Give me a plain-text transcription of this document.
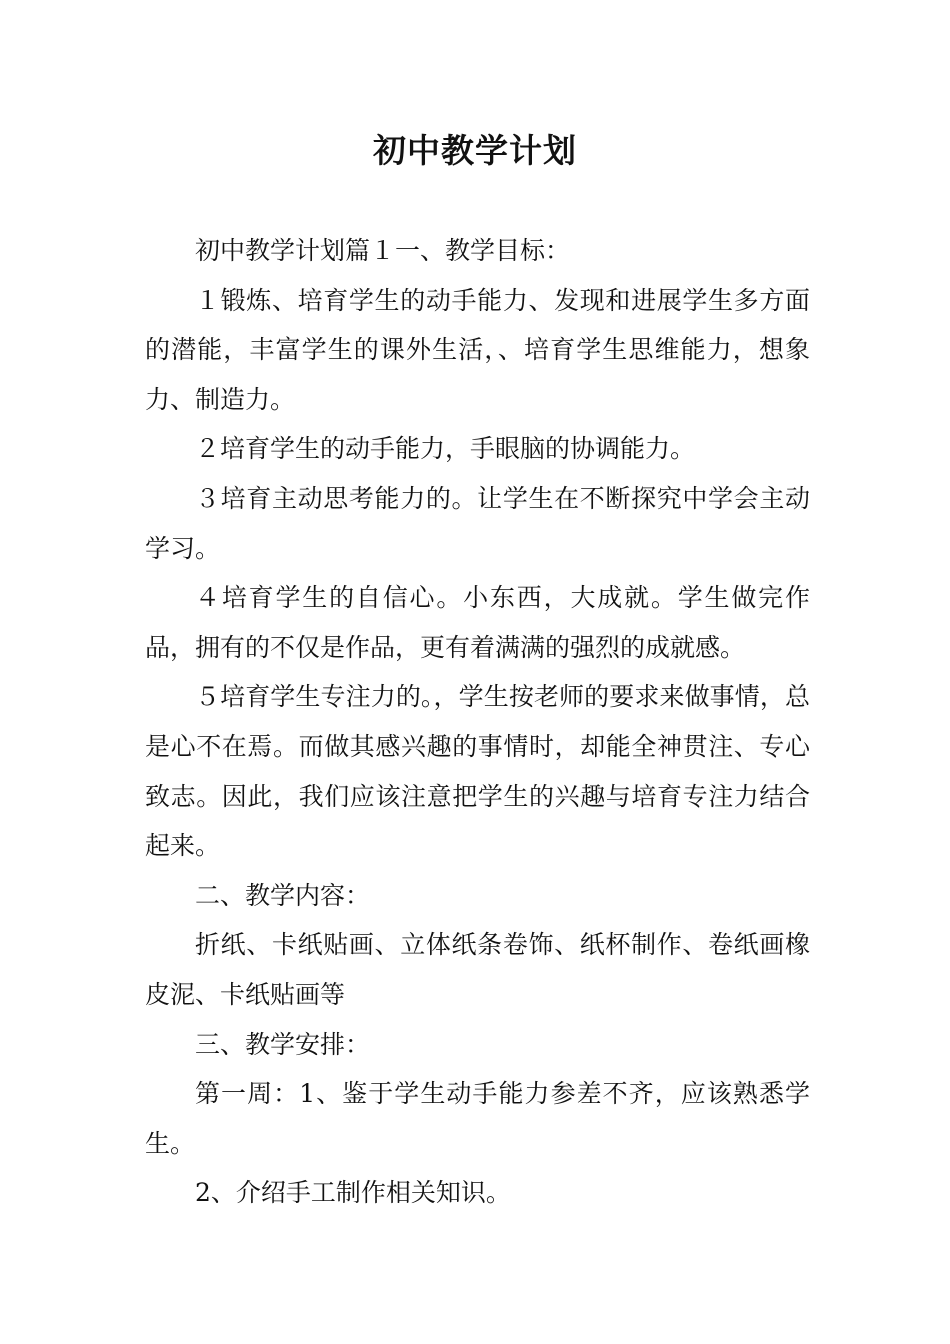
初中教学计划

初中教学计划篇１一、教学目标：

１锻炼、培育学生的动手能力、发现和进展学生多方面的潜能，丰富学生的课外生活，、培育学生思维能力，想象力、制造力。

２培育学生的动手能力，手眼脑的协调能力。

３培育主动思考能力的。让学生在不断探究中学会主动学习。

４培育学生的自信心。小东西，大成就。学生做完作品，拥有的不仅是作品，更有着满满的强烈的成就感。

５培育学生专注力的。，学生按老师的要求来做事情，总是心不在焉。而做其感兴趣的事情时，却能全神贯注、专心致志。因此，我们应该注意把学生的兴趣与培育专注力结合起来。

二、教学内容：

折纸、卡纸贴画、立体纸条卷饰、纸杯制作、卷纸画橡皮泥、卡纸贴画等

三、教学安排：

第一周：1、鉴于学生动手能力参差不齐，应该熟悉学生。

2、介绍手工制作相关知识。
